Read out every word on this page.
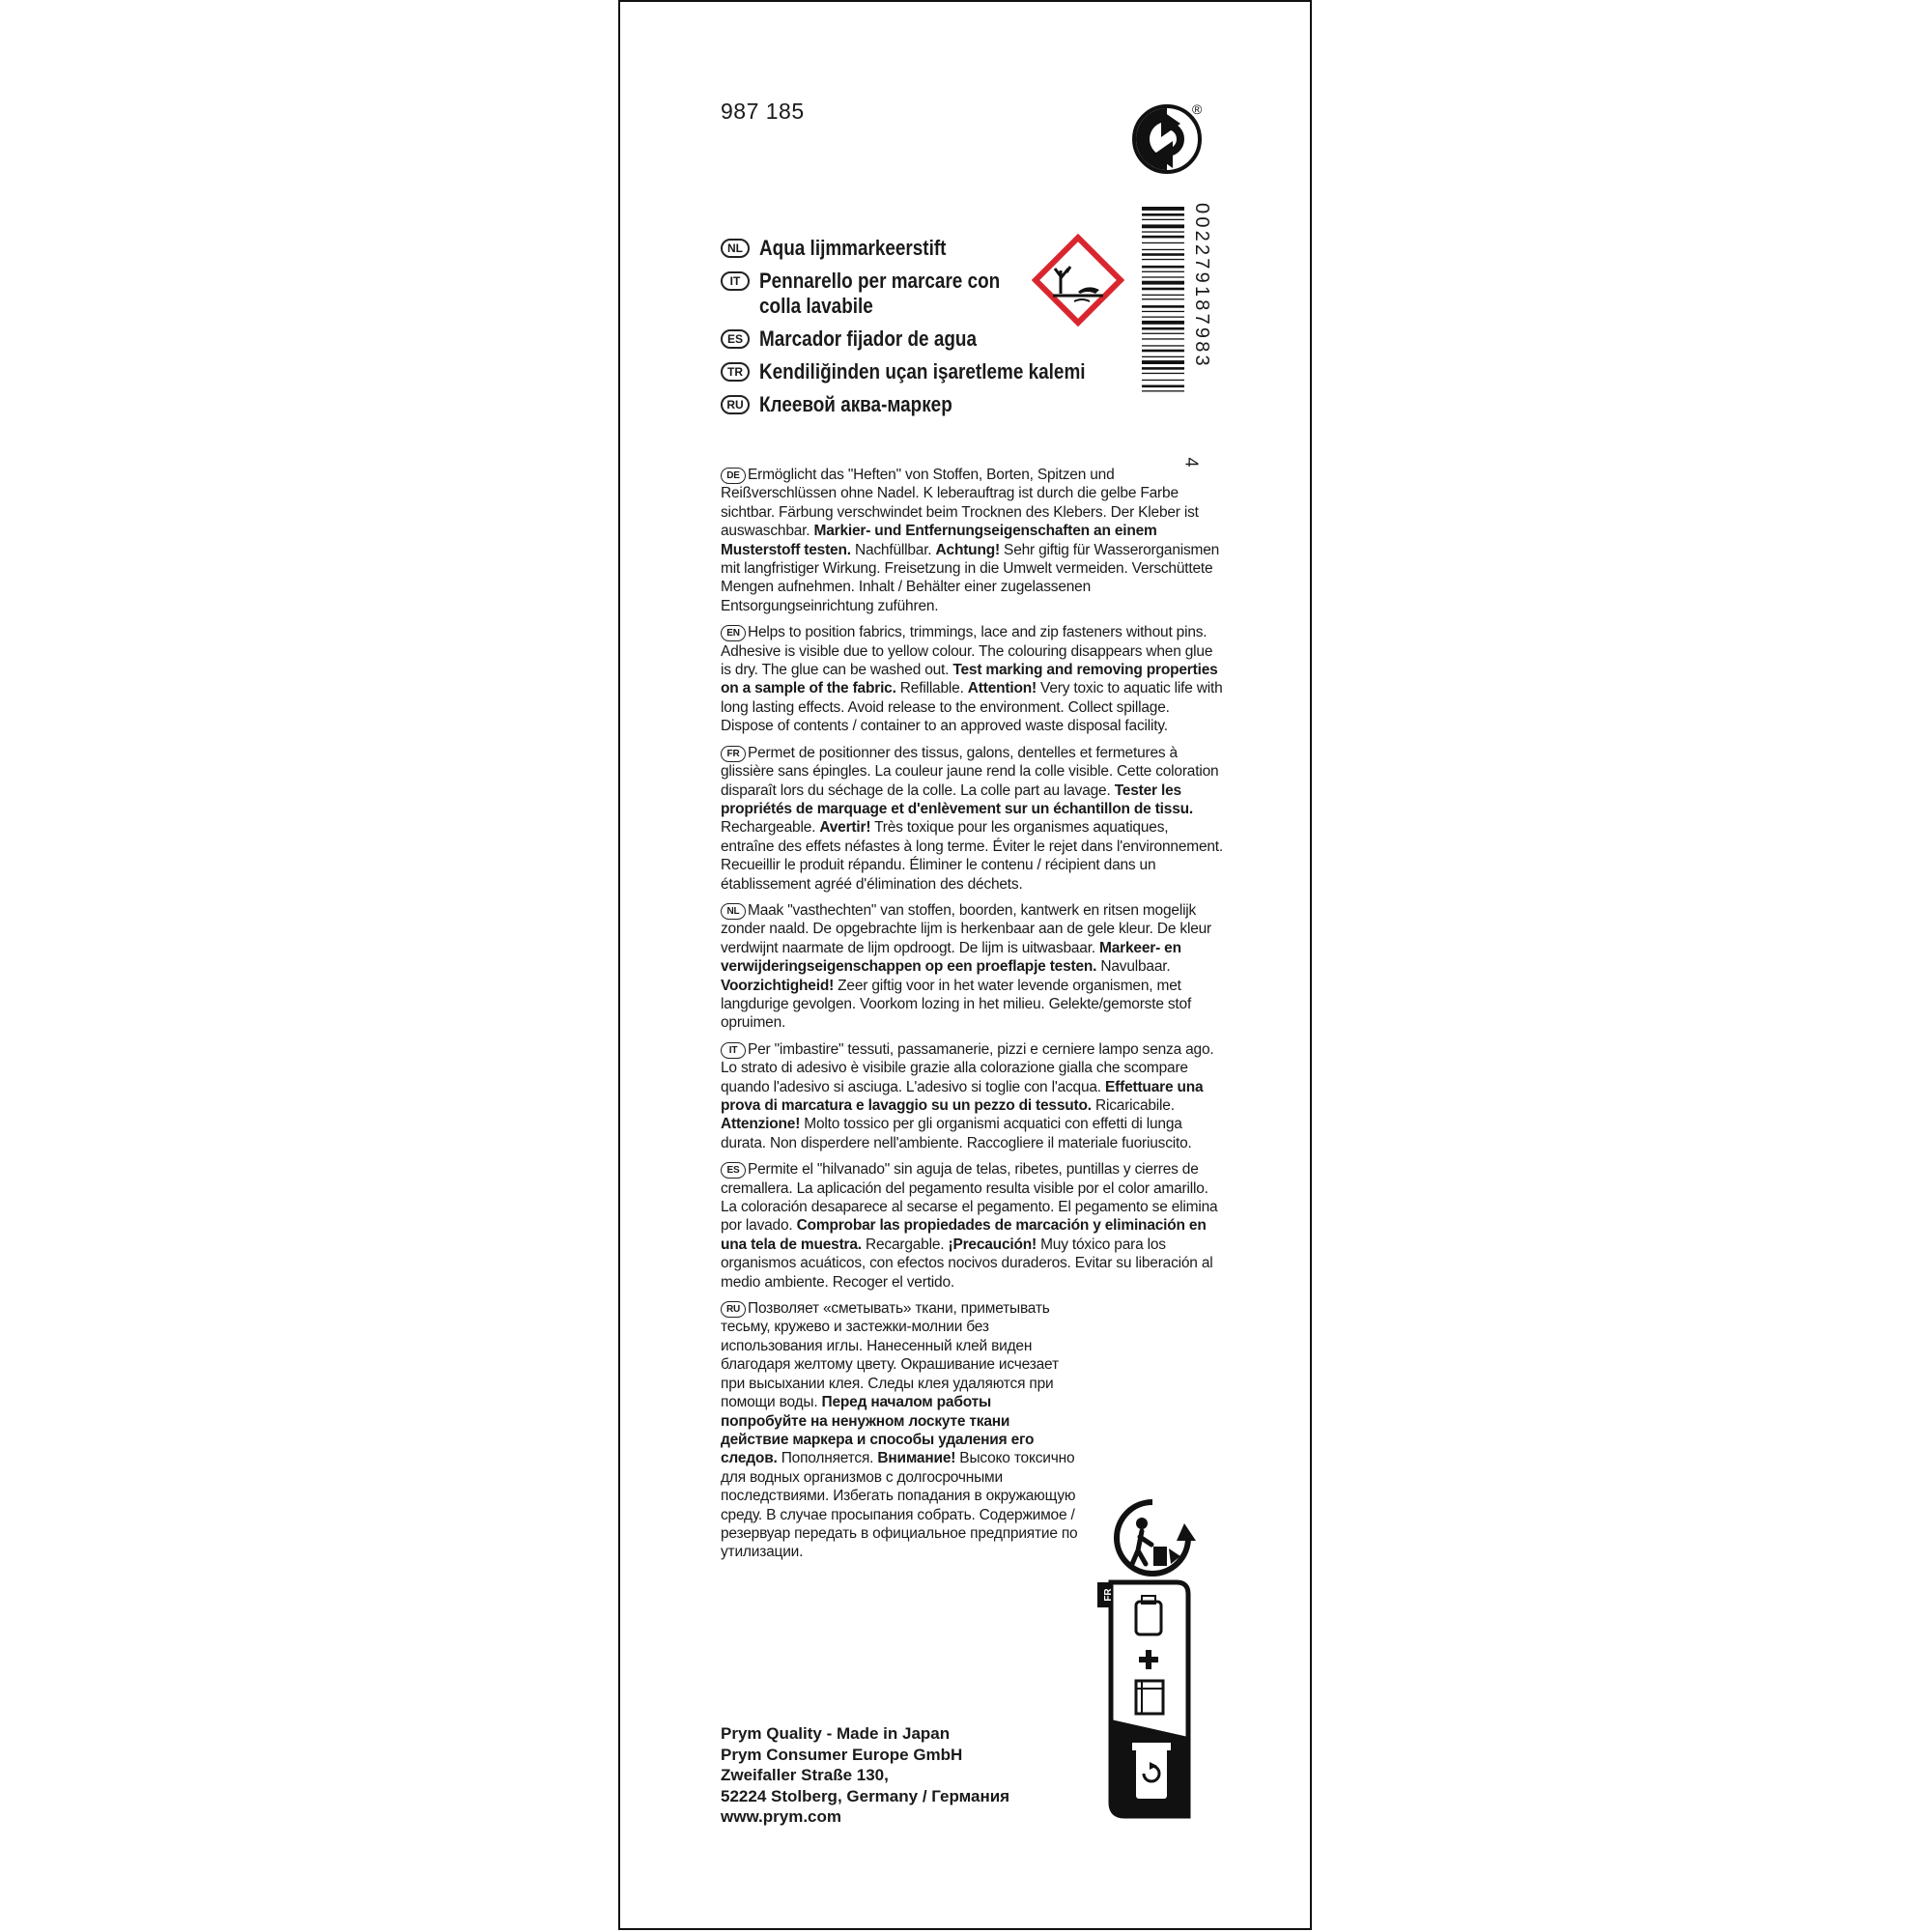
987 185	®
NL Aqua lijmmarkeerstift
IT Pennarello per marcare con
colla lavabile
ES Marcador fijador de agua
TR Kendiliğinden uçan işaretleme kalemi
RU Клеевой аква-маркер
002279187983
4
DE Ermöglicht das "Heften" von Stoffen, Borten, Spitzen und Reißverschlüssen ohne Nadel. K leberauftrag ist durch die gelbe Farbe sichtbar. Färbung verschwindet beim Trocknen des Klebers. Der Kleber ist auswaschbar. Markier- und Entfernungseigenschaften an einem Musterstoff testen. Nachfüllbar. Achtung! Sehr giftig für Wasserorganismen mit langfristiger Wirkung. Freisetzung in die Umwelt vermeiden. Verschüttete Mengen aufnehmen. Inhalt / Behälter einer zugelassenen Entsorgungseinrichtung zuführen.
EN Helps to position fabrics, trimmings, lace and zip fasteners without pins. Adhesive is visible due to yellow colour. The colouring disappears when glue is dry. The glue can be washed out. Test marking and removing properties on a sample of the fabric. Refillable. Attention! Very toxic to aquatic life with long lasting effects. Avoid release to the environment. Collect spillage. Dispose of contents / container to an approved waste disposal facility.
FR Permet de positionner des tissus, galons, dentelles et fermetures à glissière sans épingles. La couleur jaune rend la colle visible. Cette coloration disparaît lors du séchage de la colle. La colle part au lavage. Tester les propriétés de marquage et d'enlèvement sur un échantillon de tissu. Rechargeable. Avertir! Très toxique pour les organismes aquatiques, entraîne des effets néfastes à long terme. Éviter le rejet dans l'environnement. Recueillir le produit répandu. Éliminer le contenu / récipient dans un établissement agréé d'élimination des déchets.
NL Maak "vasthechten" van stoffen, boorden, kantwerk en ritsen mogelijk zonder naald. De opgebrachte lijm is herkenbaar aan de gele kleur. De kleur verdwijnt naarmate de lijm opdroogt. De lijm is uitwasbaar. Markeer- en verwijderingseigenschappen op een proeflapje testen. Navulbaar. Voorzichtigheid! Zeer giftig voor in het water levende organismen, met langdurige gevolgen. Voorkom lozing in het milieu. Gelekte/gemorste stof opruimen.
IT Per "imbastire" tessuti, passamanerie, pizzi e cerniere lampo senza ago. Lo strato di adesivo è visibile grazie alla colorazione gialla che scompare quando l'adesivo si asciuga. L'adesivo si toglie con l'acqua. Effettuare una prova di marcatura e lavaggio su un pezzo di tessuto. Ricaricabile. Attenzione! Molto tossico per gli organismi acquatici con effetti di lunga durata. Non disperdere nell'ambiente. Raccogliere il materiale fuoriuscito.
ES Permite el "hilvanado" sin aguja de telas, ribetes, puntillas y cierres de cremallera. La aplicación del pegamento resulta visible por el color amarillo. La coloración desaparece al secarse el pegamento. El pegamento se elimina por lavado. Comprobar las propiedades de marcación y eliminación en una tela de muestra. Recargable. ¡Precaución! Muy tóxico para los organismos acuáticos, con efectos nocivos duraderos. Evitar su liberación al medio ambiente. Recoger el vertido.
RU Позволяет «сметывать» ткани, приметывать тесьму, кружево и застежки-молнии без использования иглы. Нанесенный клей виден благодаря желтому цвету. Окрашивание исчезает при высыхании клея. Следы клея удаляются при помощи воды. Перед началом работы попробуйте на ненужном лоскуте ткани действие маркера и способы удаления его следов. Пополняется. Внимание! Высоко токсично для водных организмов с долгосрочными последствиями. Избегать попадания в окружающую среду. В случае просыпания собрать. Содержимое / резервуар передать в официальное предприятие по утилизации.
FR
Prym Quality - Made in Japan
Prym Consumer Europe GmbH
Zweifaller Straße 130,
52224 Stolberg, Germany / Германия
www.prym.com
